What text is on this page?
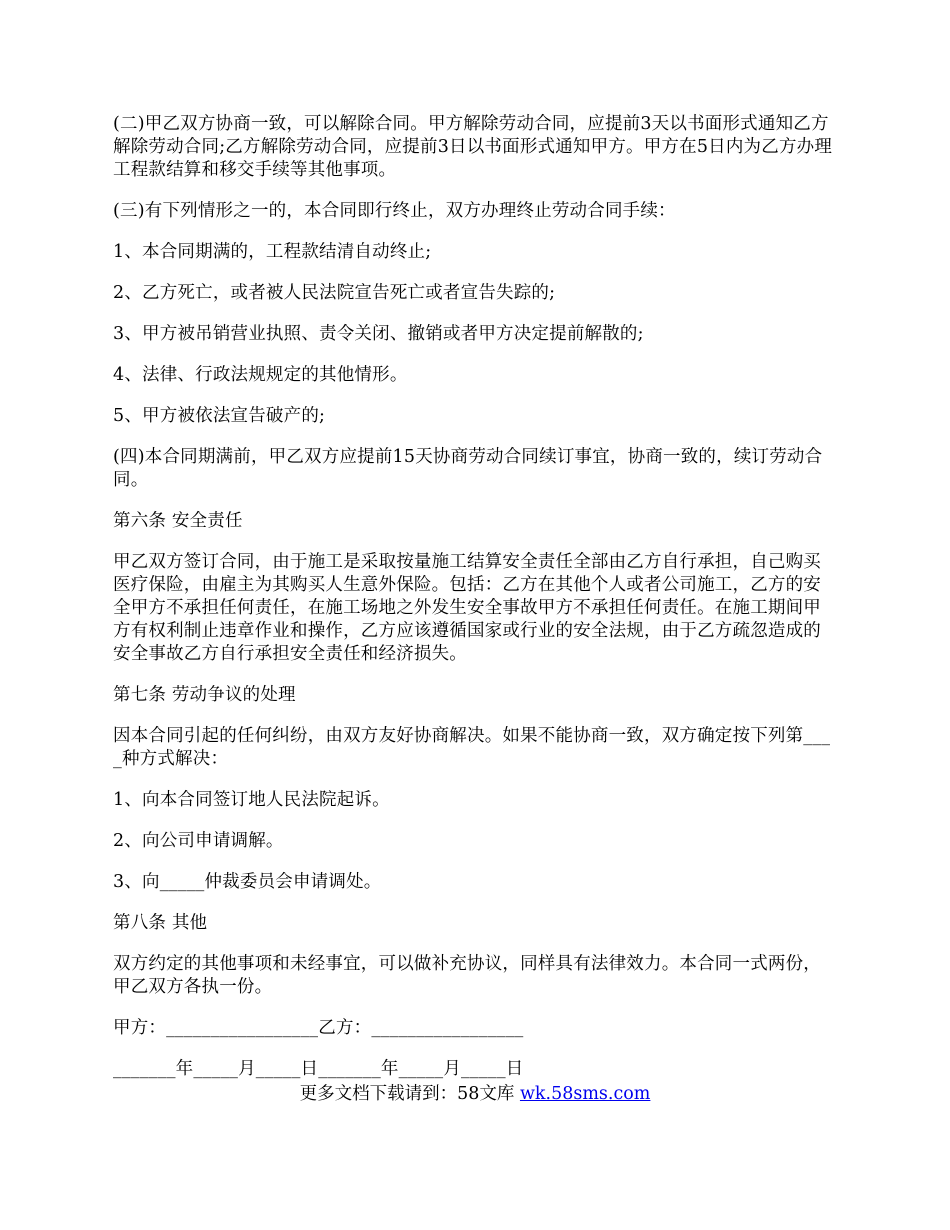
(二)甲乙双方协商一致，可以解除合同。甲方解除劳动合同，应提前3天以书面形式通知乙方解除劳动合同;乙方解除劳动合同，应提前3日以书面形式通知甲方。甲方在5日内为乙方办理工程款结算和移交手续等其他事项。

(三)有下列情形之一的，本合同即行终止，双方办理终止劳动合同手续：

1、本合同期满的，工程款结清自动终止;

2、乙方死亡，或者被人民法院宣告死亡或者宣告失踪的;

3、甲方被吊销营业执照、责令关闭、撤销或者甲方决定提前解散的;

4、法律、行政法规规定的其他情形。

5、甲方被依法宣告破产的;

(四)本合同期满前，甲乙双方应提前15天协商劳动合同续订事宜，协商一致的，续订劳动合同。

第六条 安全责任

甲乙双方签订合同，由于施工是采取按量施工结算安全责任全部由乙方自行承担，自己购买医疗保险，由雇主为其购买人生意外保险。包括：乙方在其他个人或者公司施工，乙方的安全甲方不承担任何责任，在施工场地之外发生安全事故甲方不承担任何责任。在施工期间甲方有权利制止违章作业和操作，乙方应该遵循国家或行业的安全法规，由于乙方疏忽造成的安全事故乙方自行承担安全责任和经济损失。

第七条 劳动争议的处理

因本合同引起的任何纠纷，由双方友好协商解决。如果不能协商一致，双方确定按下列第____种方式解决：

1、向本合同签订地人民法院起诉。

2、向公司申请调解。

3、向_____仲裁委员会申请调处。

第八条 其他

双方约定的其他事项和未经事宜，可以做补充协议，同样具有法律效力。本合同一式两份，甲乙双方各执一份。

甲方：_________________乙方：_________________

_______年_____月_____日_______年_____月_____日

更多文档下载请到：58文库 wk.58sms.com
